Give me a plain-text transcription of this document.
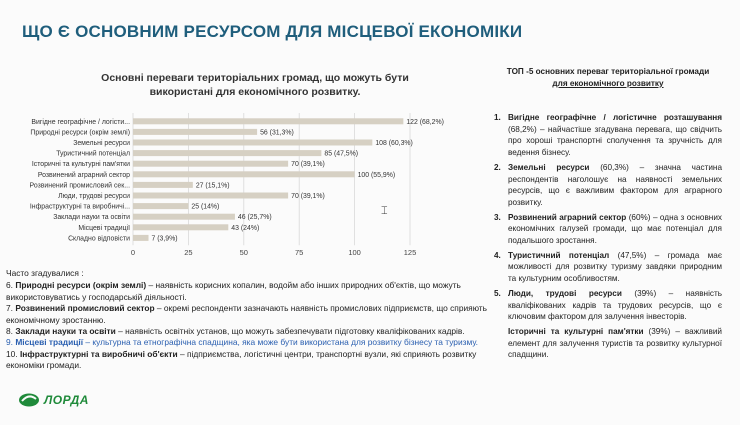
ЩО Є ОСНОВНИМ РЕСУРСОМ ДЛЯ МІСЦЕВОЇ ЕКОНОМІКИ
Основні переваги територіальних громад, що можуть бути використані для економічного розвитку.
0	25	50	75	100	125
Вигідне географічне / логісти...	122 (68,2%)
Природні ресурси (окрім землі)	56 (31,3%)
Земельні ресурси	108 (60,3%)
Туристичний потенціал	85 (47,5%)
Історичні та культурні пам'ятки	70 (39,1%)
Розвинений аграрний сектор	100 (55,9%)
Розвинений промисловий сек...	27 (15,1%)
Люди, трудові ресурси	70 (39,1%)
Інфраструктурні та виробничі...	25 (14%)
Заклади науки та освіти	46 (25,7%)
Місцеві традиції	43 (24%)
Складно відповісти	7 (3,9%)
Часто згадувалися :

6. Природні ресурси (окрім землі) – наявність корисних копалин, водойм або інших природних об'єктів, що можуть використовуватись у господарській діяльності.

7. Розвинений промисловий сектор – окремі респонденти зазначають наявність промислових підприємств, що сприяють економічному зростанню.

8. Заклади науки та освіти – наявність освітніх установ, що можуть забезпечувати підготовку кваліфікованих кадрів.

9. Місцеві традиції – культурна та етнографічна спадщина, яка може бути використана для розвитку бізнесу та туризму.

10. Інфраструктурні та виробничі об'єкти – підприємства, логістичні центри, транспортні вузли, які сприяють розвитку економіки громади.

ТОП -5 основних переваг територіальної громади
для економічного розвитку
1. Вигідне географічне / логістичне розташування (68,2%) – найчастіше згадувана перевага, що свідчить про хороші транспортні сполучення та зручність для ведення бізнесу.
2. Земельні ресурси (60,3%) – значна частина респондентів наголошує на наявності земельних ресурсів, що є важливим фактором для аграрного розвитку.
3. Розвинений аграрний сектор (60%) – одна з основних економічних галузей громади, що має потенціал для подальшого зростання.
4. Туристичний потенціал (47,5%) – громада має можливості для розвитку туризму завдяки природним та культурним особливостям.
5. Люди, трудові ресурси (39%) – наявність кваліфікованих кадрів та трудових ресурсів, що є ключовим фактором для залучення інвесторів.
Історичні та культурні пам'ятки (39%) – важливий елемент для залучення туристів та розвитку культурної спадщини.
⌶
ЛОРДА
